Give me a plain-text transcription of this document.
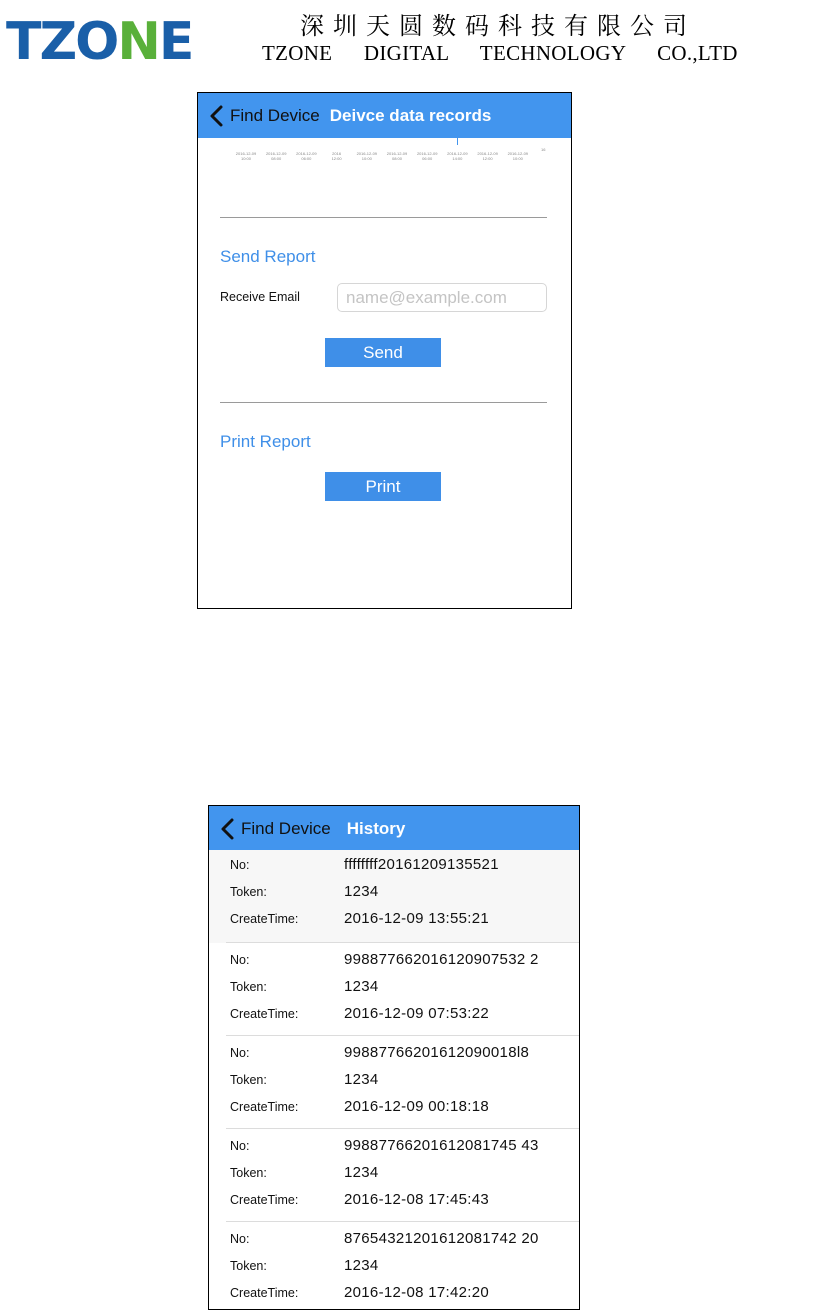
TZONE	深圳天圆数码科技有限公司
TZONE DIGITAL TECHNOLOGY CO.,LTD
Find Device Deivce data records
2016-12-09
10:00
2016-12-09
08:00
2016-12-09
06:00
2016
12:00
2016-12-09
10:00
2016-12-09
08:00
2016-12-09
06:00
2016-12-09
14:00
2016-12-09
12:00
2016-12-09
10:00
16
Send Report
Receive Email
name@example.com
Send
Print Report
Print
Find Device History
No:	ffffffff20161209135521
Token:	1234
CreateTime:	2016-12-09 13:55:21
No:	998877662016120907532 2
Token:	1234
CreateTime:	2016-12-09 07:53:22
No:	99887766201612090018l8
Token:	1234
CreateTime:	2016-12-09 00:18:18
No:	99887766201612081745 43
Token:	1234
CreateTime:	2016-12-08 17:45:43
No:	87654321201612081742 20
Token:	1234
CreateTime:	2016-12-08 17:42:20
